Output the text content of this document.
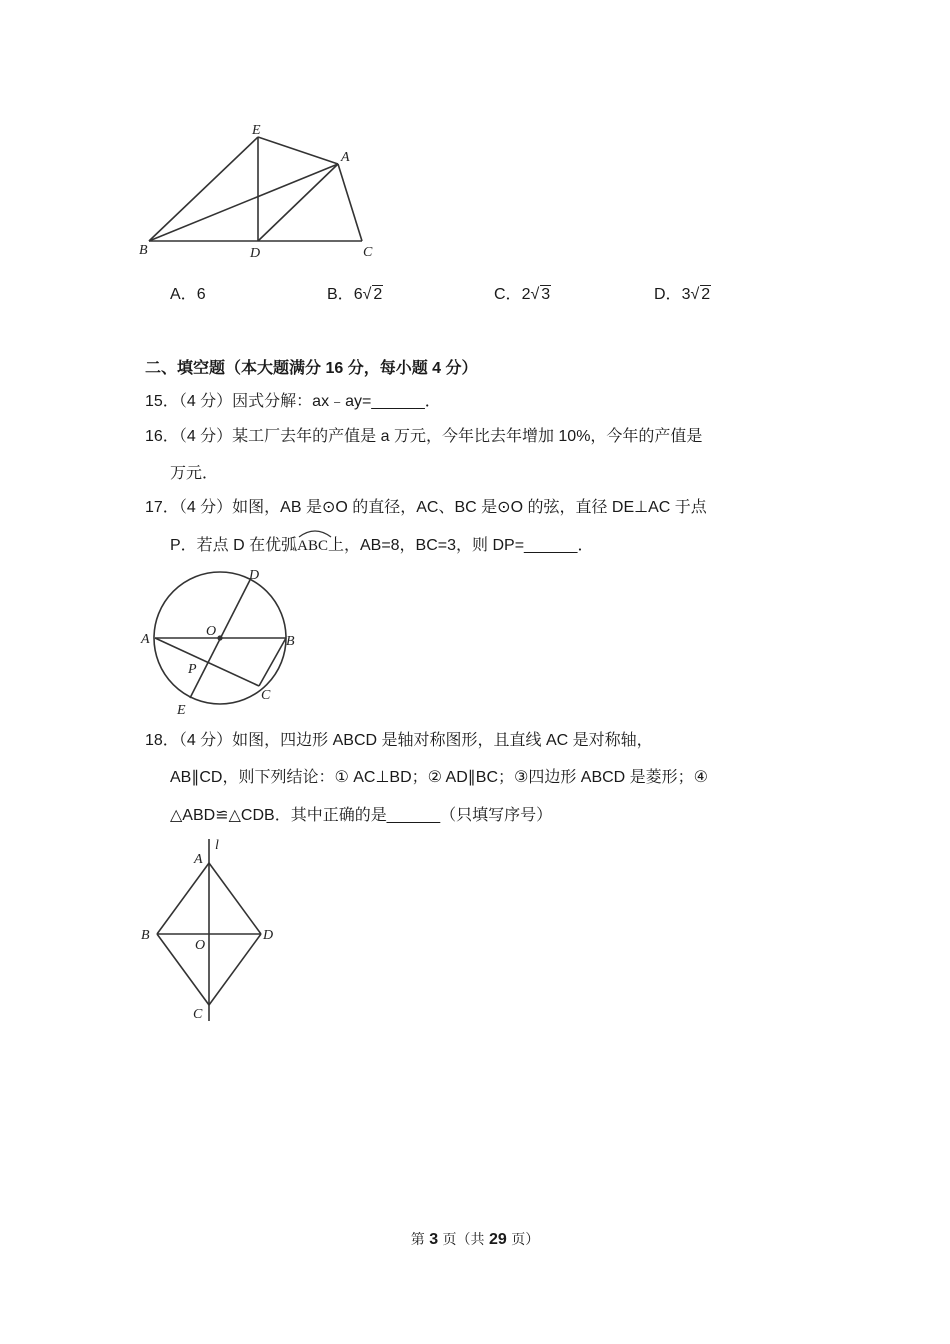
E
A
B	D	C
A．6	B．6√ 2	C．2√ 3	D．3√ 2
二、填空题（本大题满分 16 分，每小题 4 分）
15．（4 分）因式分解：ax﹣ay=______．
16．（4 分）某工厂去年的产值是 a 万元，今年比去年增加 10%，今年的产值是
万元．
17．（4 分）如图，AB 是⊙O 的直径，AC、BC 是⊙O 的弦，直径 DE⊥AC 于点
P．若点 D 在优弧
ABC上，AB=8，BC=3，则 DP=______．
D
A
O
B
P
C
E
18．（4 分）如图，四边形 ABCD 是轴对称图形，且直线 AC 是对称轴，
AB∥CD，则下列结论：① AC⊥BD；② AD∥BC；③四边形 ABCD 是菱形；④
△ABD≌△CDB．其中正确的是______（只填写序号）
A
l
B
O
D
C
第 3 页（共 29 页）
